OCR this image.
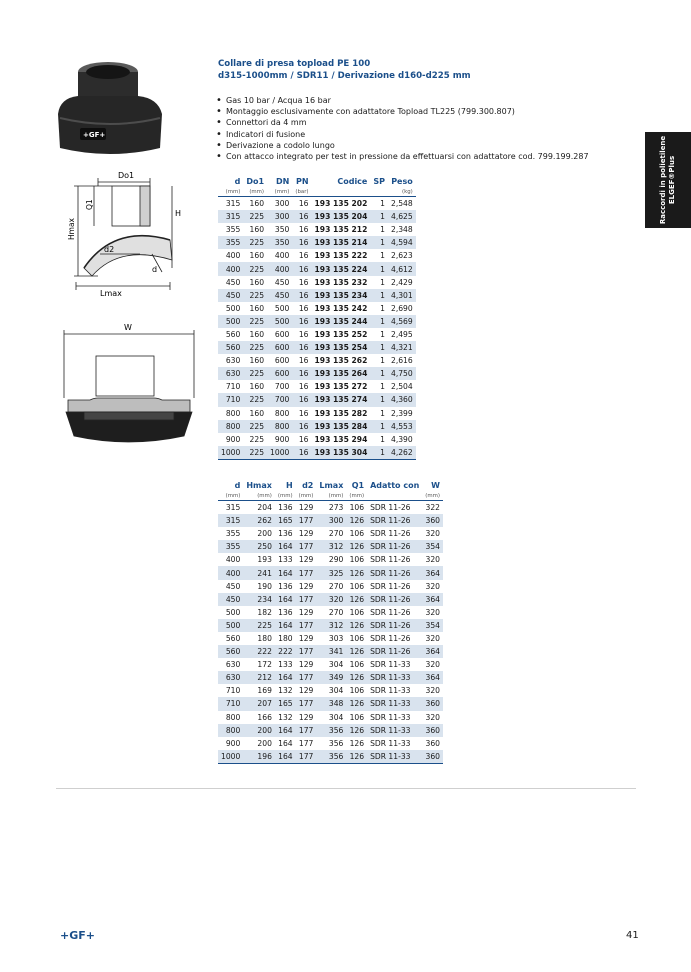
+GF+
Do1
Q1
Hmax
H
d2
Lmax
d
W
Collare di presa topload PE 100
d315-1000mm / SDR11 / Derivazione d160-d225 mm
• Gas 10 bar / Acqua 16 bar
• Montaggio esclusivamente con adattatore Topload TL225 (799.300.807)
• Connettori da 4 mm
• Indicatori di fusione
• Derivazione a codolo lungo
• Con attacco integrato per test in pressione da effettuarsi con adattatore cod. 799.199.287	Raccordi in polietilene ELGEF®Plus
d	Do1	DN	PN	Codice	SP	Peso
(mm)	(mm)	(mm)	(bar)			(kg)
315	160	300	16	193 135 202	1	2,548
315	225	300	16	193 135 204	1	4,625
355	160	350	16	193 135 212	1	2,348
355	225	350	16	193 135 214	1	4,594
400	160	400	16	193 135 222	1	2,623
400	225	400	16	193 135 224	1	4,612
450	160	450	16	193 135 232	1	2,429
450	225	450	16	193 135 234	1	4,301
500	160	500	16	193 135 242	1	2,690
500	225	500	16	193 135 244	1	4,569
560	160	600	16	193 135 252	1	2,495
560	225	600	16	193 135 254	1	4,321
630	160	600	16	193 135 262	1	2,616
630	225	600	16	193 135 264	1	4,750
710	160	700	16	193 135 272	1	2,504
710	225	700	16	193 135 274	1	4,360
800	160	800	16	193 135 282	1	2,399
800	225	800	16	193 135 284	1	4,553
900	225	900	16	193 135 294	1	4,390
1000	225	1000	16	193 135 304	1	4,262
d	Hmax	H	d2	Lmax	Q1	Adatto con	W
(mm)	(mm)	(mm)	(mm)	(mm)	(mm)		(mm)
315	204	136	129	273	106	SDR 11-26	322
315	262	165	177	300	126	SDR 11-26	360
355	200	136	129	270	106	SDR 11-26	320
355	250	164	177	312	126	SDR 11-26	354
400	193	133	129	290	106	SDR 11-26	320
400	241	164	177	325	126	SDR 11-26	364
450	190	136	129	270	106	SDR 11-26	320
450	234	164	177	320	126	SDR 11-26	364
500	182	136	129	270	106	SDR 11-26	320
500	225	164	177	312	126	SDR 11-26	354
560	180	180	129	303	106	SDR 11-26	320
560	222	222	177	341	126	SDR 11-26	364
630	172	133	129	304	106	SDR 11-33	320
630	212	164	177	349	126	SDR 11-33	364
710	169	132	129	304	106	SDR 11-33	320
710	207	165	177	348	126	SDR 11-33	360
800	166	132	129	304	106	SDR 11-33	320
800	200	164	177	356	126	SDR 11-33	360
900	200	164	177	356	126	SDR 11-33	360
1000	196	164	177	356	126	SDR 11-33	360
+GF+	41
